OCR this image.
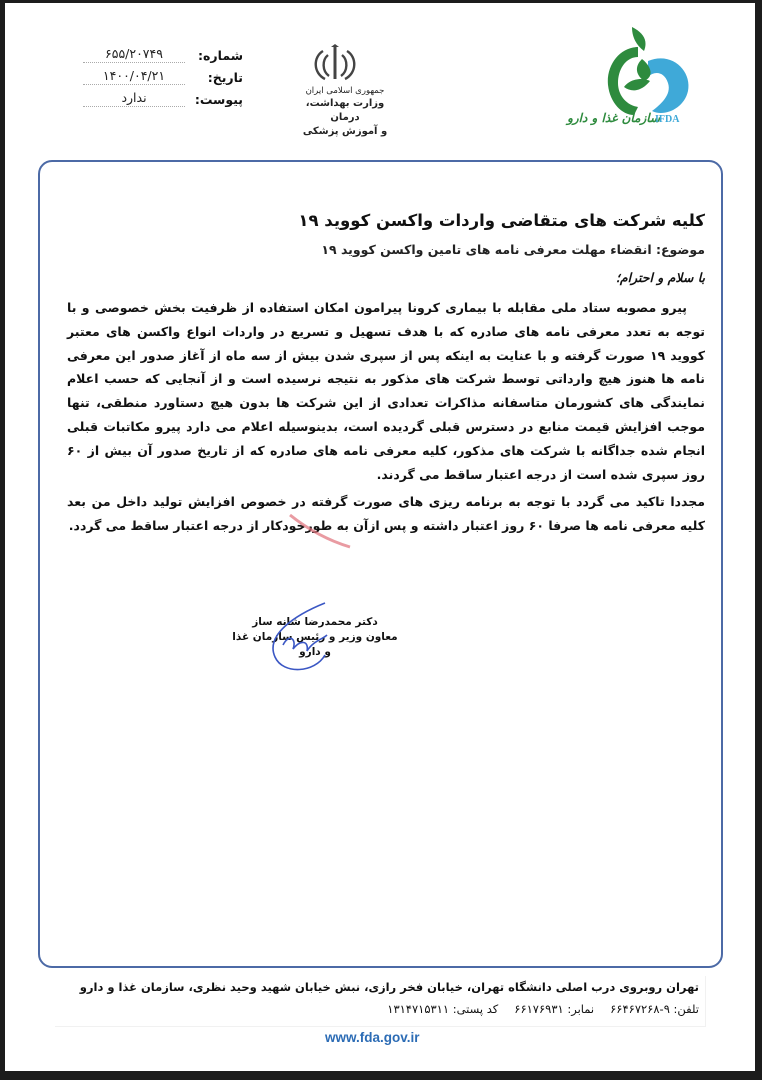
شماره:
۶۵۵/۲۰۷۴۹
تاریخ:
۱۴۰۰/۰۴/۲۱
پیوست:
ندارد	جمهوری اسلامی ایران
وزارت بهداشت، درمان
و آموزش پزشکی
سازمان غذا و دارو
IFDA
کلیه شرکت های متقاضی واردات واکسن کووید ۱۹
موضوع: انقضاء مهلت معرفی نامه های تامین واکسن کووید ۱۹
با سلام و احترام؛

پیرو مصوبه ستاد ملی مقابله با بیماری کرونا پیرامون امکان استفاده از ظرفیت بخش خصوصی و با توجه به تعدد معرفی نامه های صادره که با هدف تسهیل و تسریع در واردات انواع واکسن های معتبر کووید ۱۹ صورت گرفته و با عنایت به اینکه پس از سپری شدن بیش از سه ماه از آغاز صدور این معرفی نامه ها هنوز هیچ وارداتی توسط شرکت های مذکور به نتیجه نرسیده است و از آنجایی که حسب اعلام نمایندگی های کشورمان متاسفانه مذاکرات تعدادی از این شرکت ها بدون هیچ دستاورد منطقی، تنها موجب افزایش قیمت منابع در دسترس قبلی گردیده است، بدینوسیله اعلام می دارد پیرو مکاتبات قبلی انجام شده جداگانه با شرکت های مذکور، کلیه معرفی نامه های صادره که از تاریخ صدور آن بیش از ۶۰ روز سپری شده است از درجه اعتبار ساقط می گردند.

مجددا تاکید می گردد با توجه به برنامه ریزی های صورت گرفته در خصوص افزایش تولید داخل من بعد کلیه معرفی نامه ها صرفا ۶۰ روز اعتبار داشته و پس ازآن به طورخودکار از درجه اعتبار ساقط می گردد.

دکتر محمدرضا شانه ساز
معاون وزیر و رئیس سازمان غذا و دارو
تهران روبروی درب اصلی دانشگاه تهران، خیابان فخر رازی، نبش خیابان شهید وحید نظری، سازمان غذا و دارو
تلفن: ۹-۶۶۴۶۷۲۶۸
نمابر: ۶۶۱۷۶۹۳۱
کد پستی: ۱۳۱۴۷۱۵۳۱۱
www.fda.gov.ir
